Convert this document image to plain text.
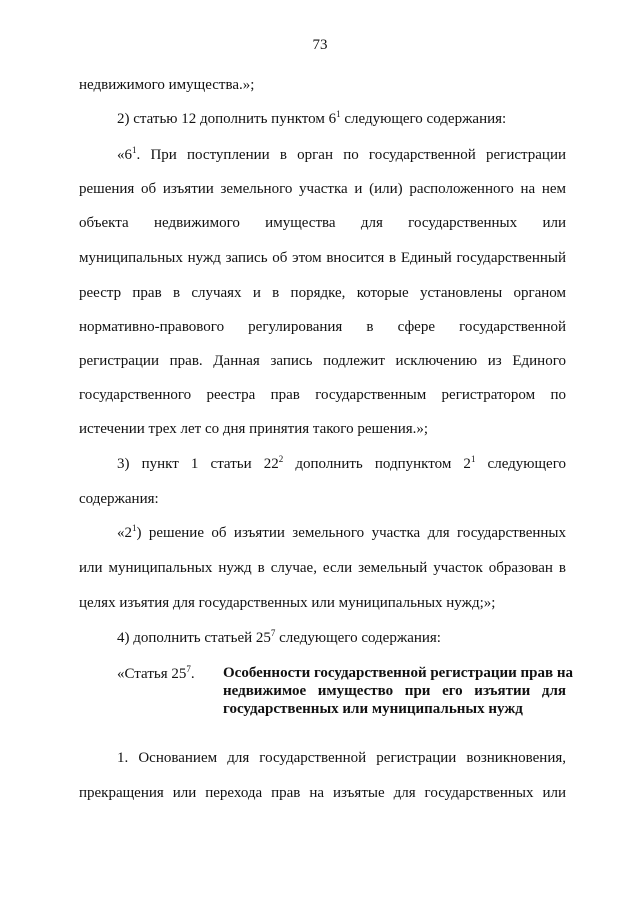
73
недвижимого имущества.»;
2) статью 12 дополнить пунктом $6^1$ следующего содержания:
«$6^1$. При поступлении в орган по государственной регистрации
решения об изъятии земельного участка и (или) расположенного на нем
объекта недвижимого имущества для государственных или
муниципальных нужд запись об этом вносится в Единый государственный
реестр прав в случаях и в порядке, которые установлены органом
нормативно-правового регулирования в сфере государственной
регистрации прав. Данная запись подлежит исключению из Единого
государственного реестра прав государственным регистратором по
истечении трех лет со дня принятия такого решения.»;
3) пункт 1 статьи $22^2$ дополнить подпунктом $2^1$ следующего
содержания:
«$2^1$) решение об изъятии земельного участка для государственных
или муниципальных нужд в случае, если земельный участок образован в
целях изъятия для государственных или муниципальных нужд;»;
4) дополнить статьей $25^7$ следующего содержания:
«Статья $25^7$. Особенности государственной регистрации прав на
недвижимое имущество при его изъятии для
государственных или муниципальных нужд
1. Основанием для государственной регистрации возникновения,
прекращения или перехода прав на изъятые для государственных или
